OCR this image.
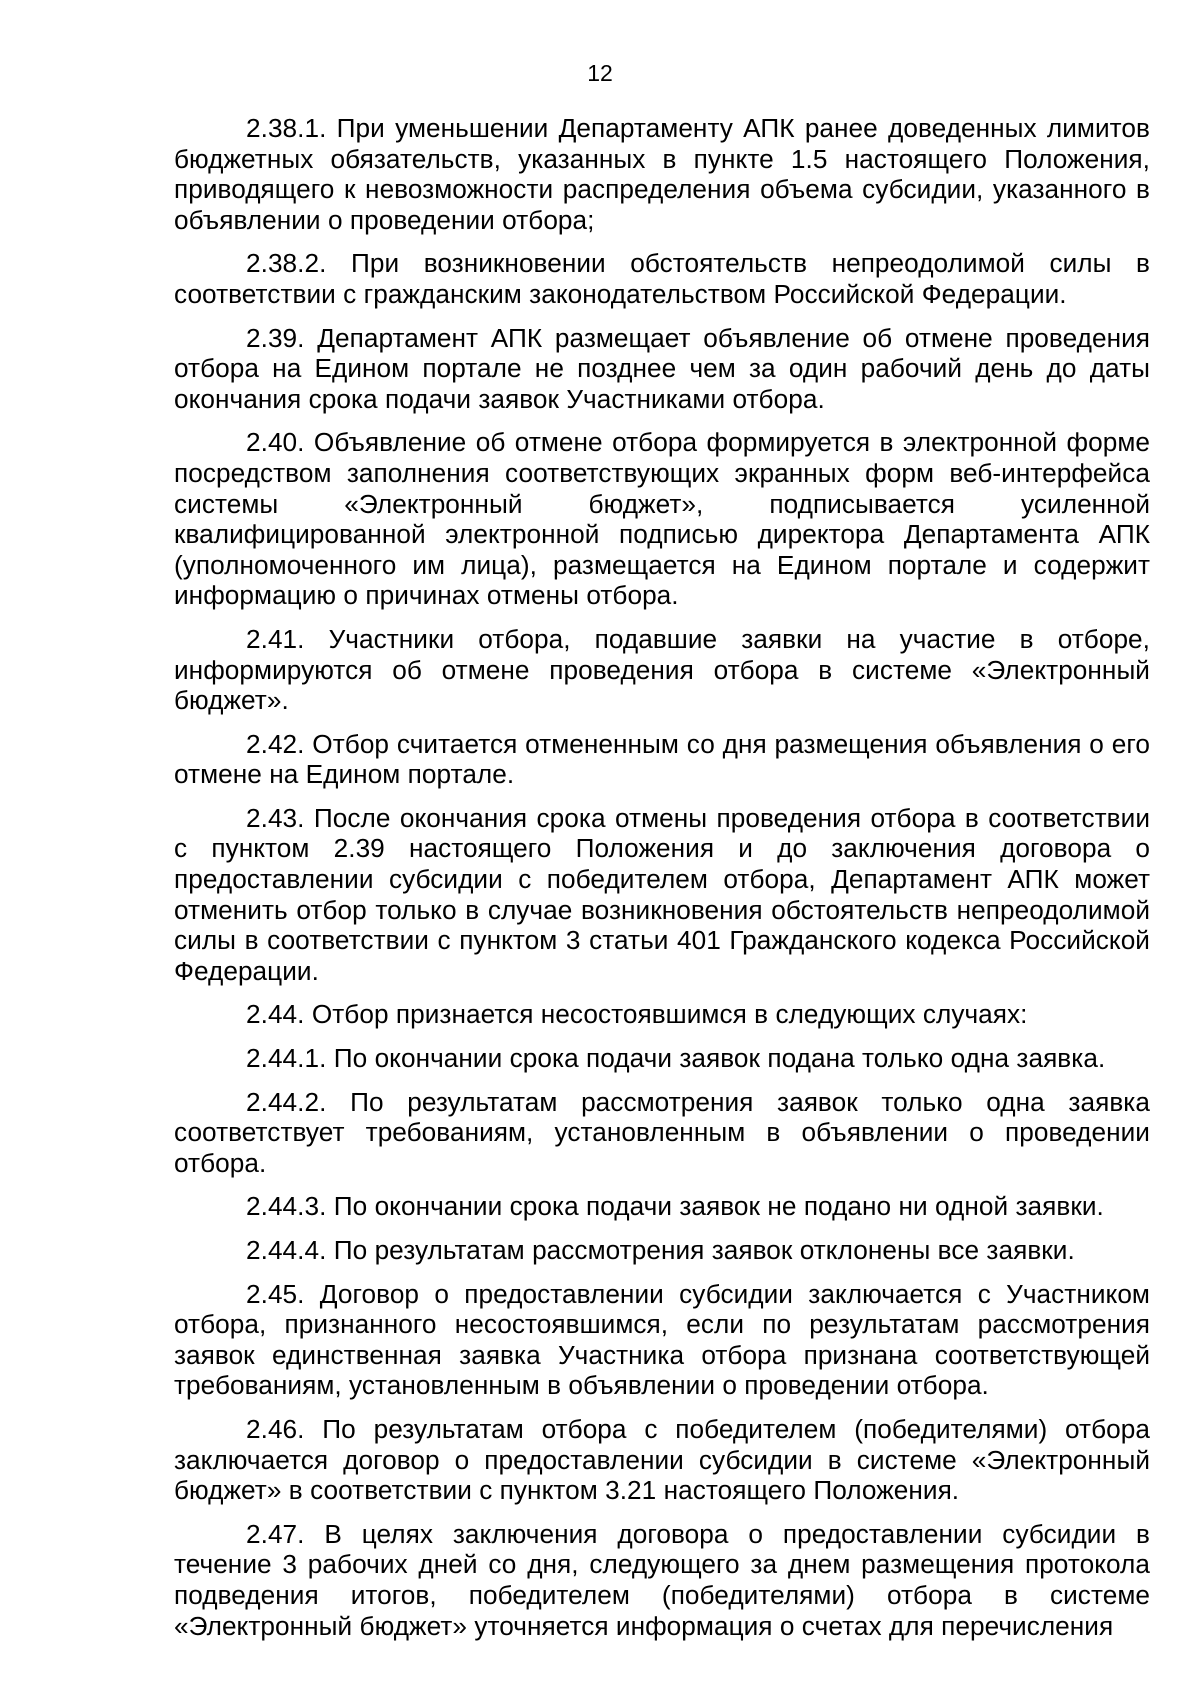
12

2.38.1. При уменьшении Департаменту АПК ранее доведенных лимитов бюджетных обязательств, указанных в пункте 1.5 настоящего Положения, приводящего к невозможности распределения объема субсидии, указанного в объявлении о проведении отбора;

2.38.2. При возникновении обстоятельств непреодолимой силы в соответствии с гражданским законодательством Российской Федерации.

2.39. Департамент АПК размещает объявление об отмене проведения отбора на Едином портале не позднее чем за один рабочий день до даты окончания срока подачи заявок Участниками отбора.

2.40. Объявление об отмене отбора формируется в электронной форме посредством заполнения соответствующих экранных форм веб-интерфейса системы «Электронный бюджет», подписывается усиленной квалифицированной электронной подписью директора Департамента АПК (уполномоченного им лица), размещается на Едином портале и содержит информацию о причинах отмены отбора.

2.41. Участники отбора, подавшие заявки на участие в отборе, информируются об отмене проведения отбора в системе «Электронный бюджет».

2.42. Отбор считается отмененным со дня размещения объявления о его отмене на Едином портале.

2.43. После окончания срока отмены проведения отбора в соответствии с пунктом 2.39 настоящего Положения и до заключения договора о предоставлении субсидии с победителем отбора, Департамент АПК может отменить отбор только в случае возникновения обстоятельств непреодолимой силы в соответствии с пунктом 3 статьи 401 Гражданского кодекса Российской Федерации.

2.44. Отбор признается несостоявшимся в следующих случаях:

2.44.1. По окончании срока подачи заявок подана только одна заявка.

2.44.2. По результатам рассмотрения заявок только одна заявка соответствует требованиям, установленным в объявлении о проведении отбора.

2.44.3. По окончании срока подачи заявок не подано ни одной заявки.

2.44.4. По результатам рассмотрения заявок отклонены все заявки.

2.45. Договор о предоставлении субсидии заключается с Участником отбора, признанного несостоявшимся, если по результатам рассмотрения заявок единственная заявка Участника отбора признана соответствующей требованиям, установленным в объявлении о проведении отбора.

2.46. По результатам отбора с победителем (победителями) отбора заключается договор о предоставлении субсидии в системе «Электронный бюджет» в соответствии с пунктом 3.21 настоящего Положения.

2.47. В целях заключения договора о предоставлении субсидии в течение 3 рабочих дней со дня, следующего за днем размещения протокола подведения итогов, победителем (победителями) отбора в системе «Электронный бюджет» уточняется информация о счетах для перечисления
